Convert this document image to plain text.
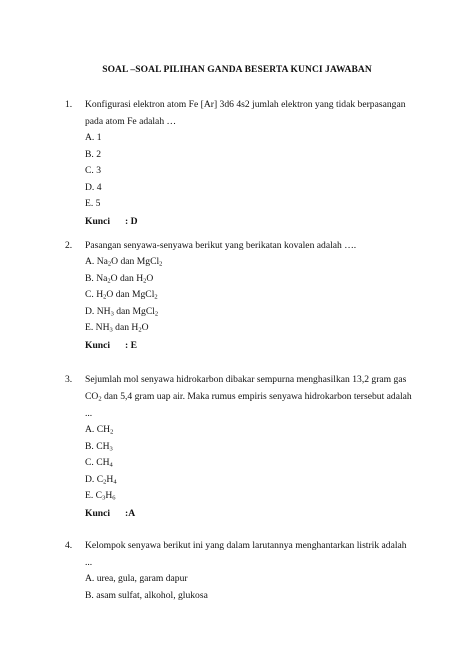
SOAL –SOAL PILIHAN GANDA BESERTA KUNCI JAWABAN
1. Konfigurasi elektron atom Fe [Ar] 3d6 4s2 jumlah elektron yang tidak berpasangan
pada atom Fe adalah …
A. 1
B. 2
C. 3
D. 4
E. 5
Kunci : D
2. Pasangan senyawa-senyawa berikut yang berikatan kovalen adalah ….
A. $Na_2O$ dan MgCl$_2$
B. $Na_2O$ dan $H_2O$
C. $H_2O$ dan MgCl$_2$
D. $NH_3$ dan MgCl$_2$
E. $NH_3$ dan $H_2O$
Kunci : E
3. Sejumlah mol senyawa hidrokarbon dibakar sempurna menghasilkan 13,2 gram gas
$CO_2$ dan 5,4 gram uap air. Maka rumus empiris senyawa hidrokarbon tersebut adalah
...
A. $CH_2$
B. $CH_3$
C. $CH_4$
D. $C_2H_4$
E. $C_3H_6$
Kunci :A
4. Kelompok senyawa berikut ini yang dalam larutannya menghantarkan listrik adalah
...
A. urea, gula, garam dapur
B. asam sulfat, alkohol, glukosa
